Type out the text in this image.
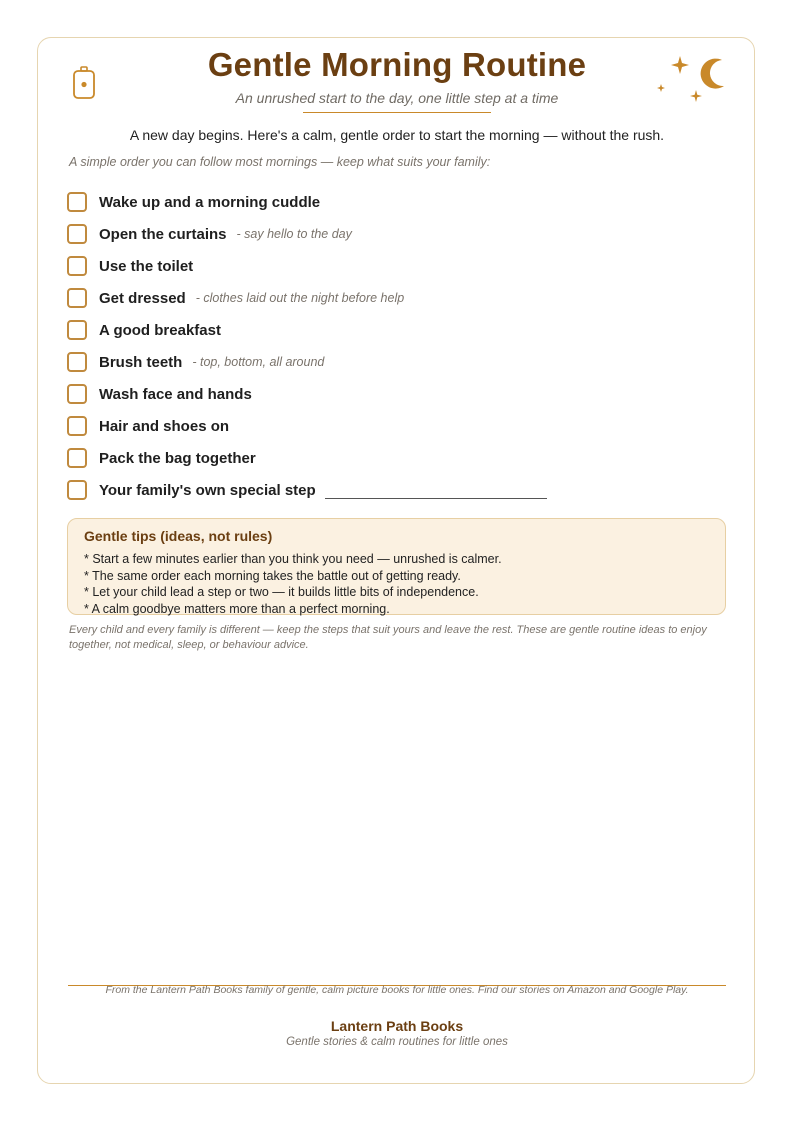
Gentle Morning Routine
An unrushed start to the day, one little step at a time
A new day begins. Here's a calm, gentle order to start the morning — without the rush.
A simple order you can follow most mornings — keep what suits your family:
Wake up and a morning cuddle
Open the curtains - say hello to the day
Use the toilet
Get dressed - clothes laid out the night before help
A good breakfast
Brush teeth - top, bottom, all around
Wash face and hands
Hair and shoes on
Pack the bag together
Your family's own special step
Gentle tips (ideas, not rules)
* Start a few minutes earlier than you think you need — unrushed is calmer.
* The same order each morning takes the battle out of getting ready.
* Let your child lead a step or two — it builds little bits of independence.
* A calm goodbye matters more than a perfect morning.
Every child and every family is different — keep the steps that suit yours and leave the rest. These are gentle routine ideas to enjoy together, not medical, sleep, or behaviour advice.
From the Lantern Path Books family of gentle, calm picture books for little ones. Find our stories on Amazon and Google Play.
Lantern Path Books
Gentle stories & calm routines for little ones
